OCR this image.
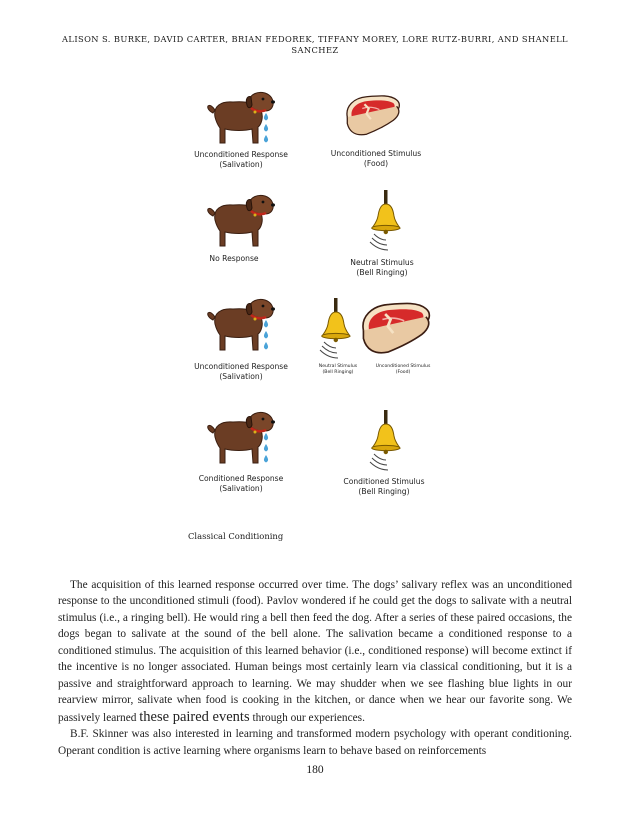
ALISON S. BURKE, DAVID CARTER, BRIAN FEDOREK, TIFFANY MOREY, LORE RUTZ-BURRI, AND SHANELL SANCHEZ
Unconditioned Response
(Salivation)
Unconditioned Stimulus
(Food)
No Response	Neutral Stimulus
(Bell Ringing)
Unconditioned Response
(Salivation)
Neutral Stimulus
(Bell Ringing)
Unconditioned Stimulus
(Food)
Conditioned Response
(Salivation)
Conditioned Stimulus
(Bell Ringing)
Classical Conditioning

The acquisition of this learned response occurred over time. The dogs’ salivary reflex was an unconditioned response to the unconditioned stimuli (food). Pavlov wondered if he could get the dogs to salivate with a neutral stimulus (i.e., a ringing bell). He would ring a bell then feed the dog. After a series of these paired occasions, the dogs began to salivate at the sound of the bell alone. The salivation became a conditioned response to a conditioned stimulus. The acquisition of this learned behavior (i.e., conditioned response) will become extinct if the incentive is no longer associated. Human beings most certainly learn via classical conditioning, but it is a passive and straightforward approach to learning. We may shudder when we see flashing blue lights in our rearview mirror, salivate when food is cooking in the kitchen, or dance when we hear our favorite song. We passively learned these paired events through our experiences.

B.F. Skinner was also interested in learning and transformed modern psychology with operant conditioning. Operant condition is active learning where organisms learn to behave based on reinforcements

180
